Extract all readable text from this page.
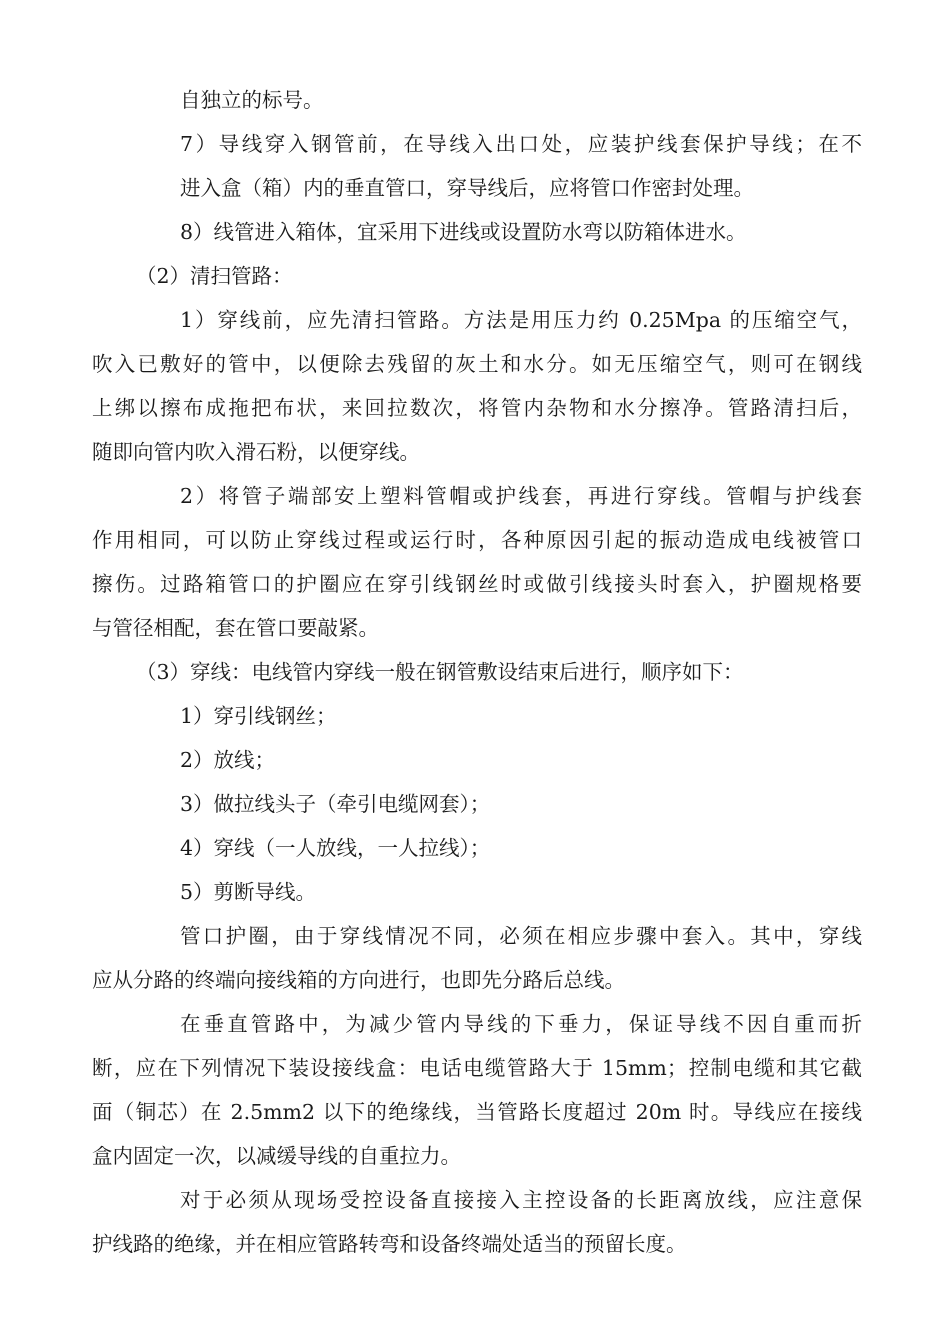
自独立的标号。
7）导线穿入钢管前，在导线入出口处，应装护线套保护导线；在不
进入盒（箱）内的垂直管口，穿导线后，应将管口作密封处理。
8）线管进入箱体，宜采用下进线或设置防水弯以防箱体进水。
（2）清扫管路：
1）穿线前，应先清扫管路。方法是用压力约 0.25Mpa 的压缩空气，
吹入已敷好的管中，以便除去残留的灰土和水分。如无压缩空气，则可在钢线
上绑以擦布成拖把布状，来回拉数次，将管内杂物和水分擦净。管路清扫后，
随即向管内吹入滑石粉，以便穿线。
2）将管子端部安上塑料管帽或护线套，再进行穿线。管帽与护线套
作用相同，可以防止穿线过程或运行时，各种原因引起的振动造成电线被管口
擦伤。过路箱管口的护圈应在穿引线钢丝时或做引线接头时套入，护圈规格要
与管径相配，套在管口要敲紧。
（3）穿线：电线管内穿线一般在钢管敷设结束后进行，顺序如下：
1）穿引线钢丝；
2）放线；
3）做拉线头子（牵引电缆网套）；
4）穿线（一人放线，一人拉线）；
5）剪断导线。
管口护圈，由于穿线情况不同，必须在相应步骤中套入。其中，穿线
应从分路的终端向接线箱的方向进行，也即先分路后总线。
在垂直管路中，为减少管内导线的下垂力，保证导线不因自重而折
断，应在下列情况下装设接线盒：电话电缆管路大于 15mm；控制电缆和其它截
面（铜芯）在 2.5mm2 以下的绝缘线，当管路长度超过 20m 时。导线应在接线
盒内固定一次，以减缓导线的自重拉力。
对于必须从现场受控设备直接接入主控设备的长距离放线，应注意保
护线路的绝缘，并在相应管路转弯和设备终端处适当的预留长度。
